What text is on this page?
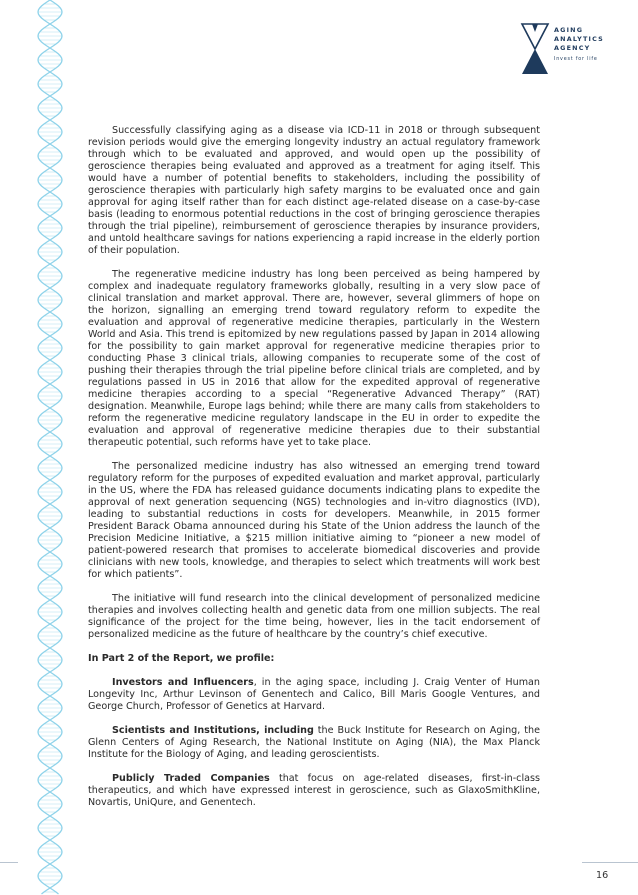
AGING
ANALYTICS
AGENCY
Invest for life

Successfully classifying aging as a disease via ICD-11 in 2018 or through subsequent revision periods would give the emerging longevity industry an actual regulatory framework through which to be evaluated and approved, and would open up the possibility of geroscience therapies being evaluated and approved as a treatment for aging itself. This would have a number of potential benefits to stakeholders, including the possibility of geroscience therapies with particularly high safety margins to be evaluated once and gain approval for aging itself rather than for each distinct age-related disease on a case-by-case basis (leading to enormous potential reductions in the cost of bringing geroscience therapies through the trial pipeline), reimbursement of geroscience therapies by insurance providers, and untold healthcare savings for nations experiencing a rapid increase in the elderly portion of their population.

The regenerative medicine industry has long been perceived as being hampered by complex and inadequate regulatory frameworks globally, resulting in a very slow pace of clinical translation and market approval. There are, however, several glimmers of hope on the horizon, signalling an emerging trend toward regulatory reform to expedite the evaluation and approval of regenerative medicine therapies, particularly in the Western World and Asia. This trend is epitomized by new regulations passed by Japan in 2014 allowing for the possibility to gain market approval for regenerative medicine therapies prior to conducting Phase 3 clinical trials, allowing companies to recuperate some of the cost of pushing their therapies through the trial pipeline before clinical trials are completed, and by regulations passed in US in 2016 that allow for the expedited approval of regenerative medicine therapies according to a special “Regenerative Advanced Therapy” (RAT) designation. Meanwhile, Europe lags behind; while there are many calls from stakeholders to reform the regenerative medicine regulatory landscape in the EU in order to expedite the evaluation and approval of regenerative medicine therapies due to their substantial therapeutic potential, such reforms have yet to take place.

The personalized medicine industry has also witnessed an emerging trend toward regulatory reform for the purposes of expedited evaluation and market approval, particularly in the US, where the FDA has released guidance documents indicating plans to expedite the approval of next generation sequencing (NGS) technologies and in-vitro diagnostics (IVD), leading to substantial reductions in costs for developers. Meanwhile, in 2015 former President Barack Obama announced during his State of the Union address the launch of the Precision Medicine Initiative, a $215 million initiative aiming to “pioneer a new model of patient-powered research that promises to accelerate biomedical discoveries and provide clinicians with new tools, knowledge, and therapies to select which treatments will work best for which patients”.

The initiative will fund research into the clinical development of personalized medicine therapies and involves collecting health and genetic data from one million subjects. The real significance of the project for the time being, however, lies in the tacit endorsement of personalized medicine as the future of healthcare by the country’s chief executive.

In Part 2 of the Report, we profile:

Investors and Influencers, in the aging space, including J. Craig Venter of Human Longevity Inc, Arthur Levinson of Genentech and Calico, Bill Maris Google Ventures, and George Church, Professor of Genetics at Harvard.

Scientists and Institutions, including the Buck Institute for Research on Aging, the Glenn Centers of Aging Research, the National Institute on Aging (NIA), the Max Planck Institute for the Biology of Aging, and leading geroscientists.

Publicly Traded Companies that focus on age-related diseases, first-in-class therapeutics, and which have expressed interest in geroscience, such as GlaxoSmithKline, Novartis, UniQure, and Genentech.

16
